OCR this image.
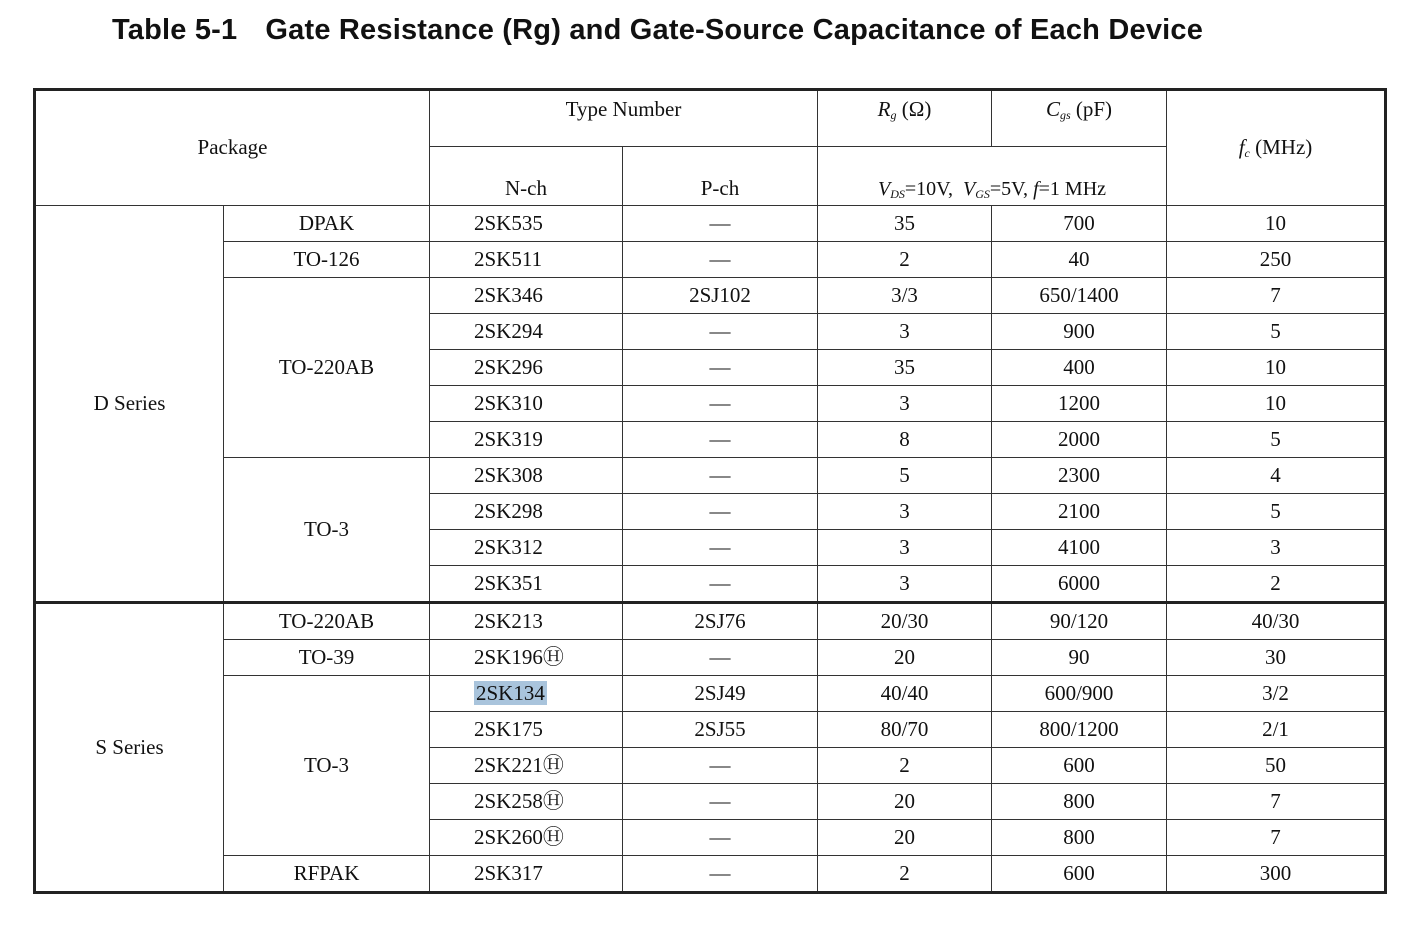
Table 5-1 Gate Resistance (Rg) and Gate-Source Capacitance of Each Device
Package		Type Number		$R_g$ (Ω)	$C_{gs}$ (pF)	$f_c$ (MHz)
		N-ch	P-ch	$V_{DS}=10V$, $V_{GS}=5V$, f=1 MHz		
D Series	DPAK	2SK535	—	35	700	10
	TO-126	2SK511	—	2	40	250
	TO-220AB	2SK346	2SJ102	3/3	650/1400	7
		2SK294	—	3	900	5
		2SK296	—	35	400	10
		2SK310	—	3	1200	10
		2SK319	—	8	2000	5
	TO-3	2SK308	—	5	2300	4
		2SK298	—	3	2100	5
		2SK312	—	3	4100	3
		2SK351	—	3	6000	2
S Series	TO-220AB	2SK213	2SJ76	20/30	90/120	40/30
	TO-39	2SK196Ⓗ	—	20	90	30
	TO-3	2SK134	2SJ49	40/40	600/900	3/2
		2SK175	2SJ55	80/70	800/1200	2/1
		2SK221Ⓗ	—	2	600	50
		2SK258Ⓗ	—	20	800	7
		2SK260Ⓗ	—	20	800	7
	RFPAK	2SK317	—	2	600	300
